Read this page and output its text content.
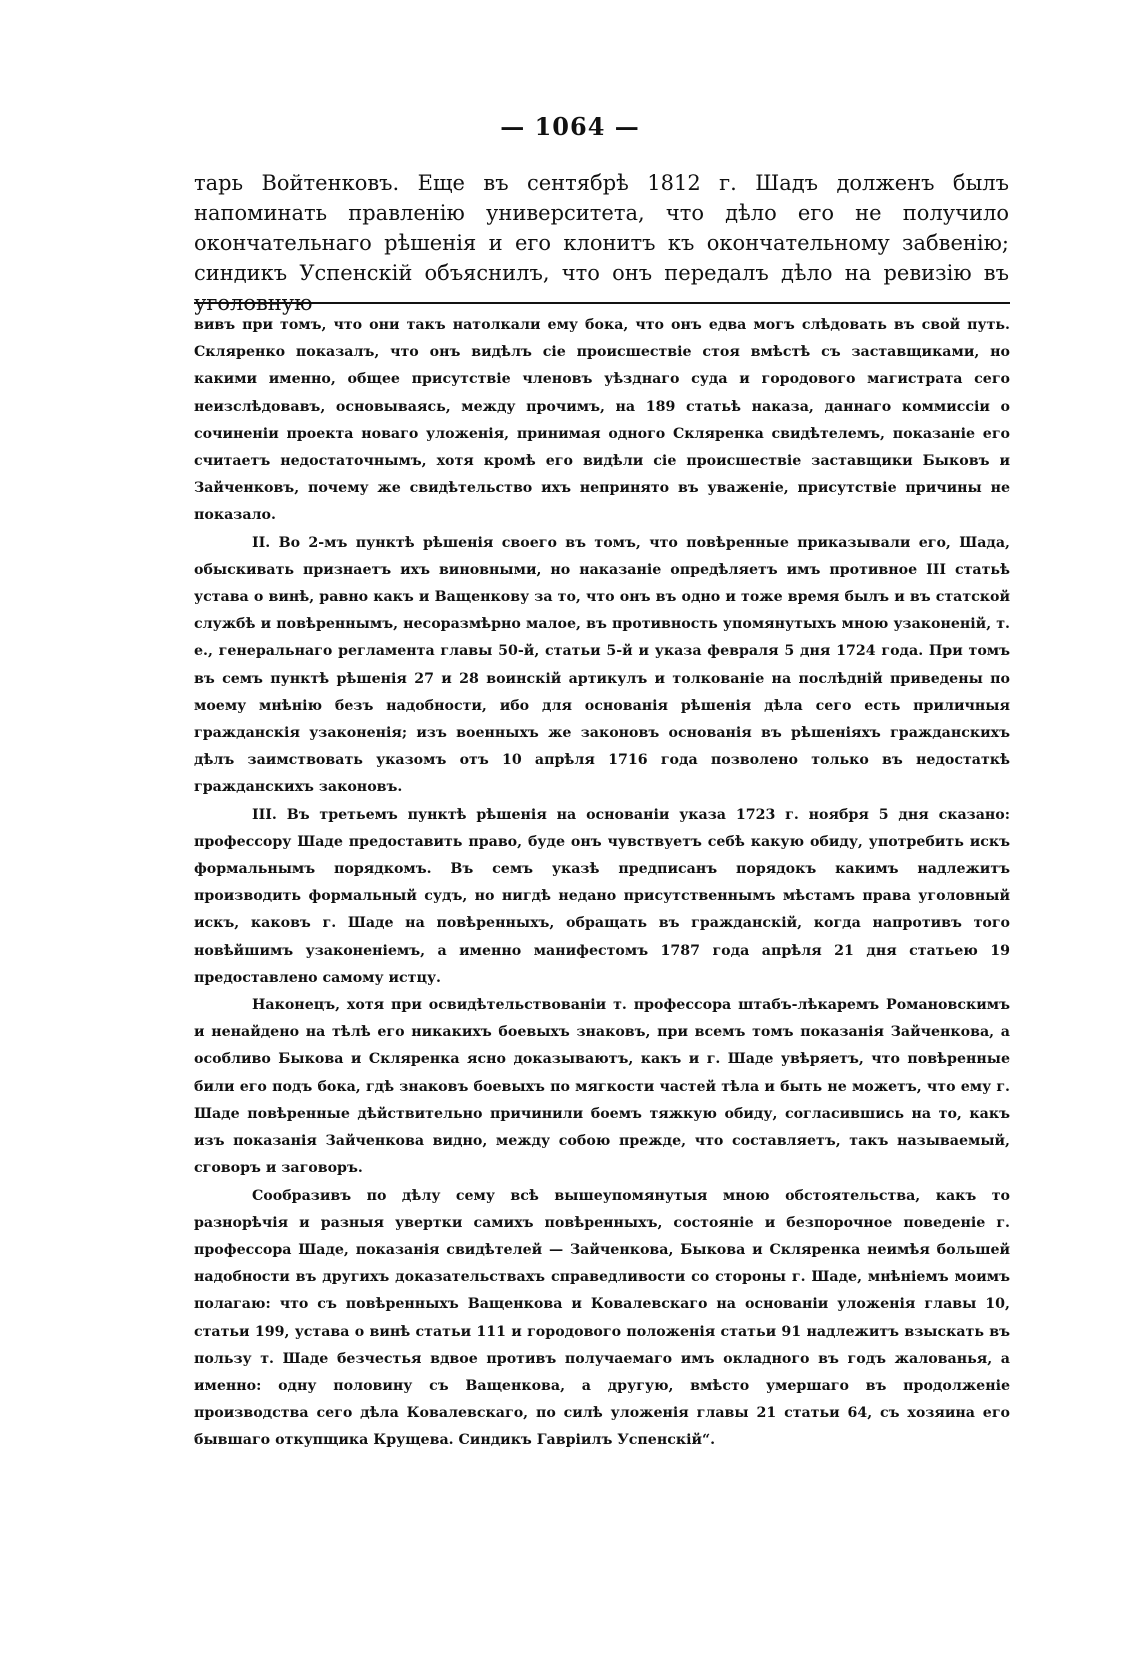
— 1064 —

тарь Войтенковъ. Еще въ сентябрѣ 1812 г. Шадъ долженъ былъ напоминать правленію университета, что дѣло его не получило окончательнаго рѣшенія и его клонитъ къ окончательному забвенію; синдикъ Успенскій объяснилъ, что онъ передалъ дѣло на ревизію въ уголовную

вивъ при томъ, что они такъ натолкали ему бока, что онъ едва могъ слѣдовать въ свой путь. Скляренко показалъ, что онъ видѣлъ сіе происшествіе стоя вмѣстѣ съ заставщиками, но какими именно, общее присутствіе членовъ уѣзднаго суда и городового магистрата сего неизслѣдовавъ, основываясь, между прочимъ, на 189 статьѣ наказа, даннаго коммиссіи о сочиненіи проекта новаго уложенія, принимая одного Скляренка свидѣтелемъ, показаніе его считаетъ недостаточнымъ, хотя кромѣ его видѣли сіе происшествіе заставщики Быковъ и Зайченковъ, почему же свидѣтельство ихъ непринято въ уваженіе, присутствіе причины не показало.

II. Во 2-мъ пунктѣ рѣшенія своего въ томъ, что повѣренные приказывали его, Шада, обыскивать признаетъ ихъ виновными, но наказаніе опредѣляетъ имъ противное III статьѣ устава о винѣ, равно какъ и Ващенкову за то, что онъ въ одно и тоже время былъ и въ статской службѣ и повѣреннымъ, несоразмѣрно малое, въ противность упомянутыхъ мною узаконеній, т. е., генеральнаго регламента главы 50-й, статьи 5-й и указа февраля 5 дня 1724 года. При томъ въ семъ пунктѣ рѣшенія 27 и 28 воинскій артикулъ и толкованіе на послѣдній приведены по моему мнѣнію безъ надобности, ибо для основанія рѣшенія дѣла сего есть приличныя гражданскія узаконенія; изъ военныхъ же законовъ основанія въ рѣшеніяхъ гражданскихъ дѣлъ заимствовать указомъ отъ 10 апрѣля 1716 года позволено только въ недостаткѣ гражданскихъ законовъ.

III. Въ третьемъ пунктѣ рѣшенія на основаніи указа 1723 г. ноября 5 дня сказано: профессору Шаде предоставить право, буде онъ чувствуетъ себѣ какую обиду, употребить искъ формальнымъ порядкомъ. Въ семъ указѣ предписанъ порядокъ какимъ надлежитъ производить формальный судъ, но нигдѣ недано присутственнымъ мѣстамъ права уголовный искъ, каковъ г. Шаде на повѣренныхъ, обращать въ гражданскій, когда напротивъ того новѣйшимъ узаконеніемъ, а именно манифестомъ 1787 года апрѣля 21 дня статьею 19 предоставлено самому истцу.

Наконецъ, хотя при освидѣтельствованіи т. профессора штабъ-лѣкаремъ Романовскимъ и ненайдено на тѣлѣ его никакихъ боевыхъ знаковъ, при всемъ томъ показанія Зайченкова, а особливо Быкова и Скляренка ясно доказываютъ, какъ и г. Шаде увѣряетъ, что повѣренные били его подъ бока, гдѣ знаковъ боевыхъ по мягкости частей тѣла и быть не можетъ, что ему г. Шаде повѣренные дѣйствительно причинили боемъ тяжкую обиду, согласившись на то, какъ изъ показанія Зайченкова видно, между собою прежде, что составляетъ, такъ называемый, сговоръ и заговоръ.

Сообразивъ по дѣлу сему всѣ вышеупомянутыя мною обстоятельства, какъ то разнорѣчія и разныя увертки самихъ повѣренныхъ, состояніе и безпорочное поведеніе г. профессора Шаде, показанія свидѣтелей — Зайченкова, Быкова и Скляренка неимѣя большей надобности въ другихъ доказательствахъ справедливости со стороны г. Шаде, мнѣніемъ моимъ полагаю: что съ повѣренныхъ Ващенкова и Ковалевскаго на основаніи уложенія главы 10, статьи 199, устава о винѣ статьи 111 и городового положенія статьи 91 надлежитъ взыскать въ пользу т. Шаде безчестья вдвое противъ получаемаго имъ окладного въ годъ жалованья, а именно: одну половину съ Ващенкова, а другую, вмѣсто умершаго въ продолженіе производства сего дѣла Ковалевскаго, по силѣ уложенія главы 21 статьи 64, съ хозяина его бывшаго откупщика Крущева. Синдикъ Гавріилъ Успенскій“.
